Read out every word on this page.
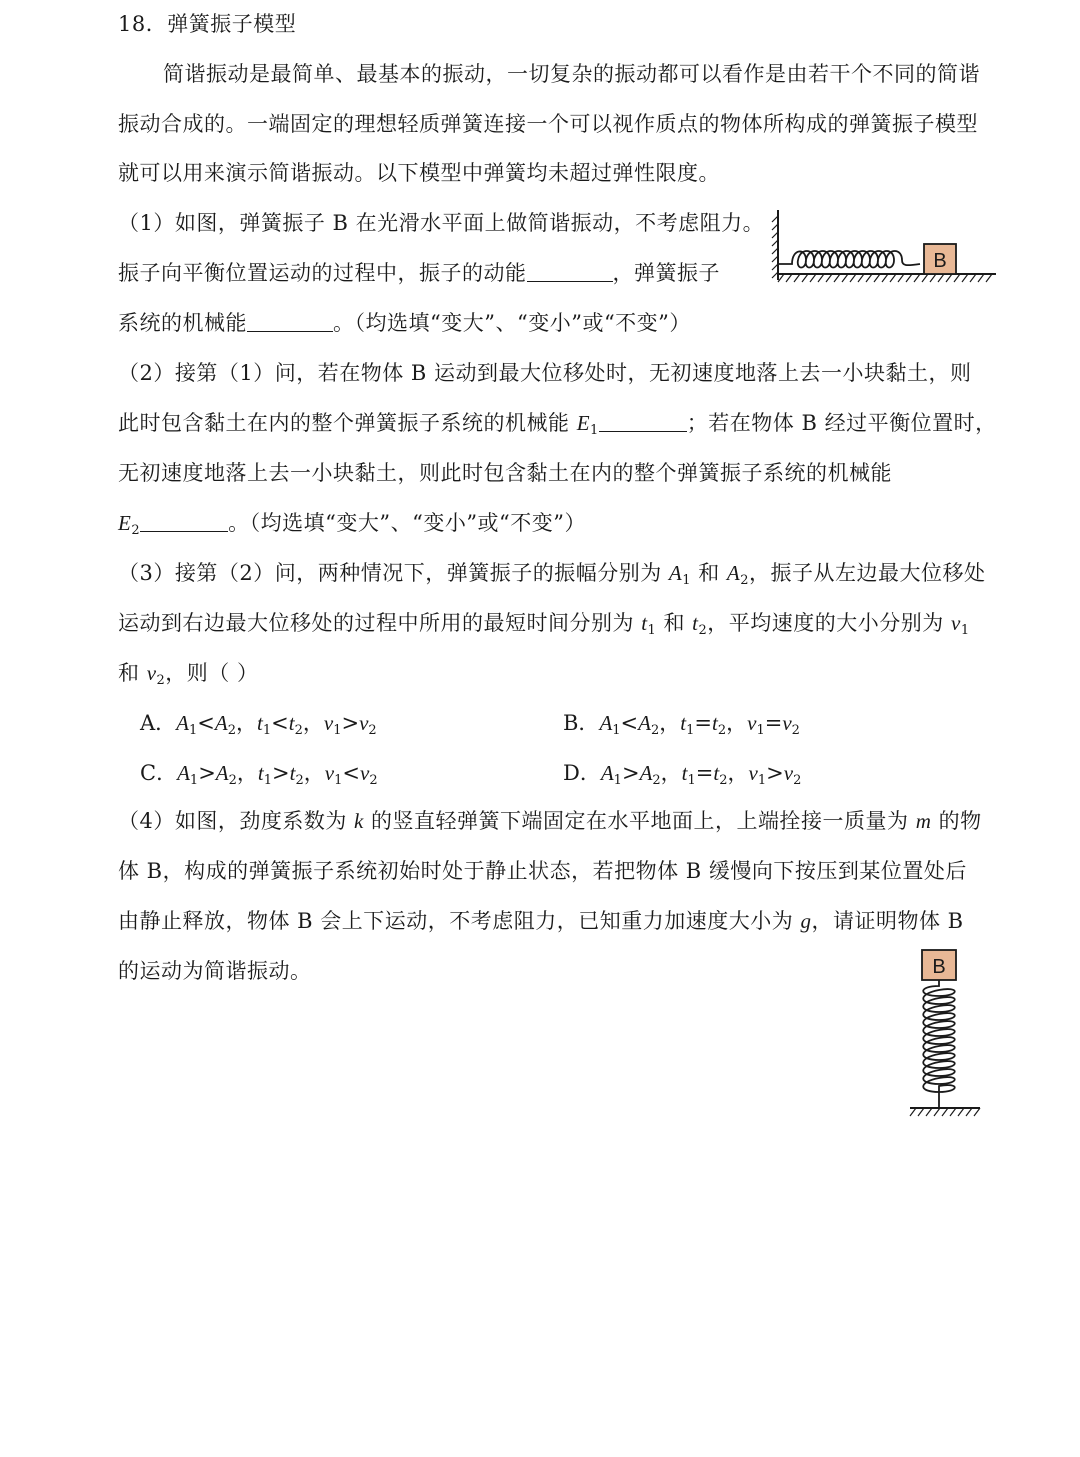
18．弹簧振子模型
简谐振动是最简单、最基本的振动，一切复杂的振动都可以看作是由若干个不同的简谐
振动合成的。一端固定的理想轻质弹簧连接一个可以视作质点的物体所构成的弹簧振子模型
就可以用来演示简谐振动。以下模型中弹簧均未超过弹性限度。
（1）如图，弹簧振子 B 在光滑水平面上做简谐振动，不考虑阻力。
振子向平衡位置运动的过程中，振子的动能	，弹簧振子
系统的机械能	。（均选填“变大”、“变小”或“不变”）
B
（2）接第（1）问，若在物体 B 运动到最大位移处时，无初速度地落上去一小块黏土，则
此时包含黏土在内的整个弹簧振子系统的机械能 $E_1$	；若在物体 B 经过平衡位置时，
无初速度地落上去一小块黏土，则此时包含黏土在内的整个弹簧振子系统的机械能
$E_2$	。（均选填“变大”、“变小”或“不变”）
（3）接第（2）问，两种情况下，弹簧振子的振幅分别为 $A_1$ 和 $A_2$，振子从左边最大位移处
运动到右边最大位移处的过程中所用的最短时间分别为 $t_1$ 和 $t_2$，平均速度的大小分别为 $v_1$
和 $v_2$，则（ ）
A．$A_1<A_2$，$t_1<t_2$，$v_1>v_2$	B．$A_1<A_2$，$t_1=t_2$，$v_1=v_2$
C．$A_1>A_2$，$t_1>t_2$，$v_1<v_2$	D．$A_1>A_2$，$t_1=t_2$，$v_1>v_2$
（4）如图，劲度系数为 k 的竖直轻弹簧下端固定在水平地面上，上端拴接一质量为 m 的物
体 B，构成的弹簧振子系统初始时处于静止状态，若把物体 B 缓慢向下按压到某位置处后
由静止释放，物体 B 会上下运动，不考虑阻力，已知重力加速度大小为 g，请证明物体 B
的运动为简谐振动。	B
